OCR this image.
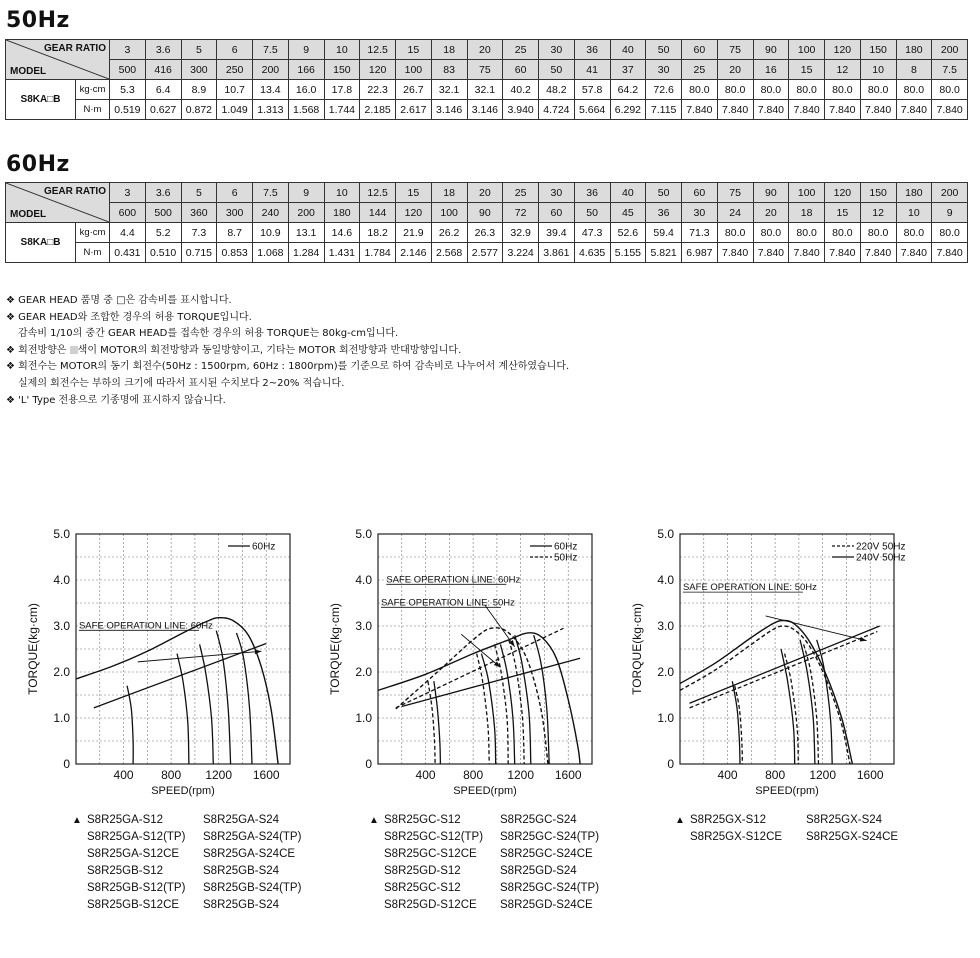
50Hz
GEAR RATIO
MODEL		3	3.6	5	6	7.5	9	10	12.5	15	18	20	25	30	36	40	50	60	75	90	100	120	150	180	200
		500	416	300	250	200	166	150	120	100	83	75	60	50	41	37	30	25	20	16	15	12	10	8	7.5
S8KA□B	kg·cm	5.3	6.4	8.9	10.7	13.4	16.0	17.8	22.3	26.7	32.1	32.1	40.2	48.2	57.8	64.2	72.6	80.0	80.0	80.0	80.0	80.0	80.0	80.0	80.0
	N·m	0.519	0.627	0.872	1.049	1.313	1.568	1.744	2.185	2.617	3.146	3.146	3.940	4.724	5.664	6.292	7.115	7.840	7.840	7.840	7.840	7.840	7.840	7.840	7.840
60Hz
GEAR RATIO
MODEL		3	3.6	5	6	7.5	9	10	12.5	15	18	20	25	30	36	40	50	60	75	90	100	120	150	180	200
		600	500	360	300	240	200	180	144	120	100	90	72	60	50	45	36	30	24	20	18	15	12	10	9
S8KA□B	kg·cm	4.4	5.2	7.3	8.7	10.9	13.1	14.6	18.2	21.9	26.2	26.3	32.9	39.4	47.3	52.6	59.4	71.3	80.0	80.0	80.0	80.0	80.0	80.0	80.0
	N·m	0.431	0.510	0.715	0.853	1.068	1.284	1.431	1.784	2.146	2.568	2.577	3.224	3.861	4.635	5.155	5.821	6.987	7.840	7.840	7.840	7.840	7.840	7.840	7.840
❖ GEAR HEAD 품명 중 □은 감속비를 표시합니다.
❖ GEAR HEAD와 조합한 경우의 허용 TORQUE입니다.
감속비 1/10의 중간 GEAR HEAD를 접속한 경우의 허용 TORQUE는 80kg-cm입니다.
❖ 회전방향은 색이 MOTOR의 회전방향과 동일방향이고, 기타는 MOTOR 회전방향과 반대방향입니다.
❖ 회전수는 MOTOR의 동기 회전수(50Hz : 1500rpm, 60Hz : 1800rpm)를 기준으로 하여 감속비로 나누어서 계산하였습니다.
실제의 회전수는 부하의 크기에 따라서 표시된 수치보다 2~20% 적습니다.
❖ 'L' Type 전용으로 기종명에 표시하지 않습니다.
400 800 1200 1600
0
1.0
2.0
3.0
4.0
5.0
SPEED(rpm)
TORQUE(kg·cm)	SAFE OPERATION LINE: 60Hz
60Hz
400 800 1200 1600
0
1.0
2.0
3.0
4.0
5.0
SPEED(rpm)
TORQUE(kg·cm)
SAFE OPERATION LINE: 60Hz
SAFE OPERATION LINE: 50Hz
60Hz
50Hz
400 800 1200 1600
0
1.0
2.0
3.0
4.0
5.0
SPEED(rpm)
TORQUE(kg·cm)
SAFE OPERATION LINE: 50Hz
220V 50Hz
240V 50Hz
▲ S8R25GA-S12
S8R25GA-S12(TP)
S8R25GA-S12CE
S8R25GB-S12
S8R25GB-S12(TP)
S8R25GB-S12CE
S8R25GA-S24
S8R25GA-S24(TP)
S8R25GA-S24CE
S8R25GB-S24
S8R25GB-S24(TP)
S8R25GB-S24
▲ S8R25GC-S12
S8R25GC-S12(TP)
S8R25GC-S12CE
S8R25GD-S12
S8R25GC-S12
S8R25GD-S12CE
S8R25GC-S24
S8R25GC-S24(TP)
S8R25GC-S24CE
S8R25GD-S24
S8R25GC-S24(TP)
S8R25GD-S24CE
▲ S8R25GX-S12
S8R25GX-S12CE
S8R25GX-S24
S8R25GX-S24CE
